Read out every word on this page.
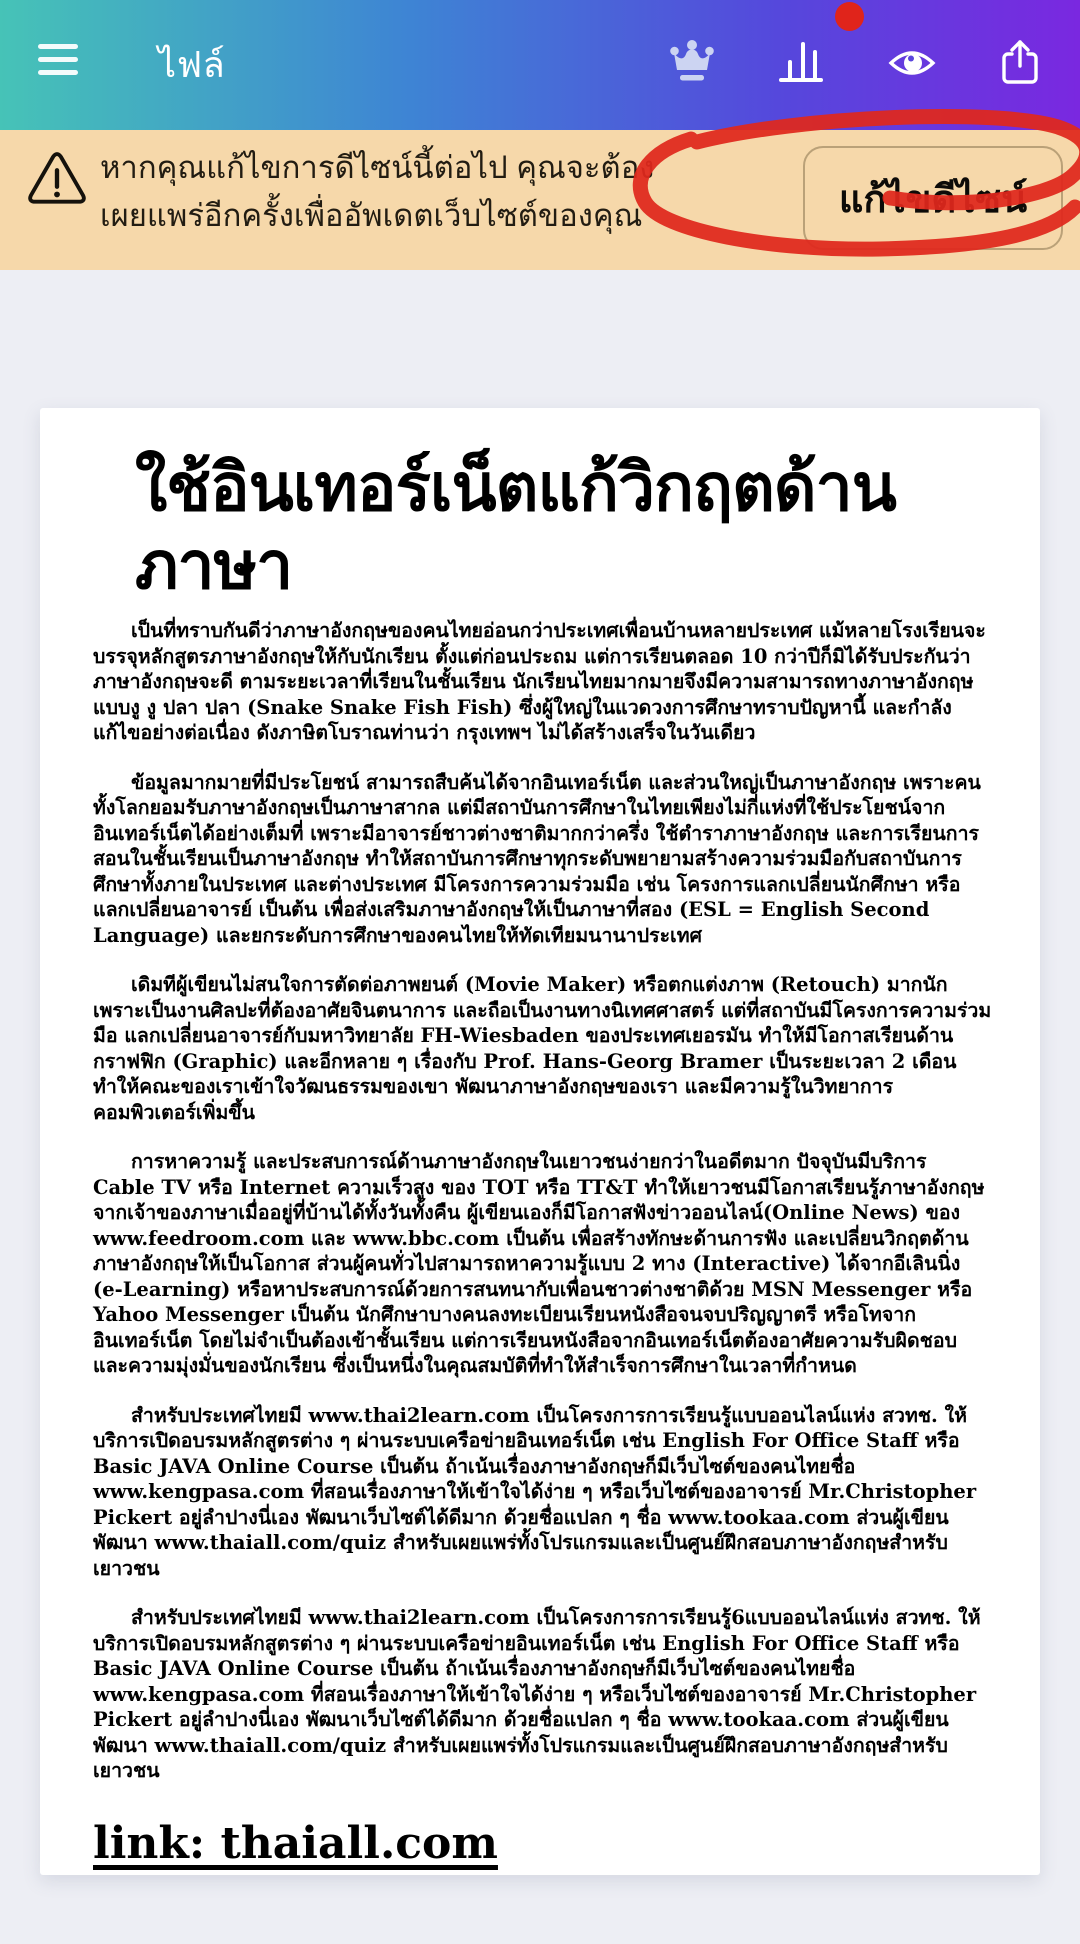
ไฟล์
หากคุณแก้ไขการดีไซน์นี้ต่อไป คุณจะต้องเผยแพร่อีกครั้งเพื่ออัพเดตเว็บไซต์ของคุณ	แก้ไขดีไซน์
ใช้อินเทอร์เน็ตแก้วิกฤตด้านภาษา

เป็นที่ทราบกันดีว่าภาษาอังกฤษของคนไทยอ่อนกว่าประเทศเพื่อนบ้านหลายประเทศ แม้หลายโรงเรียนจะบรรจุหลักสูตรภาษาอังกฤษให้กับนักเรียน ตั้งแต่ก่อนประถม แต่การเรียนตลอด 10 กว่าปีก็มิได้รับประกันว่าภาษาอังกฤษจะดี ตามระยะเวลาที่เรียนในชั้นเรียน นักเรียนไทยมากมายจึงมีความสามารถทางภาษาอังกฤษแบบงู งู ปลา ปลา (Snake Snake Fish Fish) ซึ่งผู้ใหญ่ในแวดวงการศึกษาทราบปัญหานี้ และกำลังแก้ไขอย่างต่อเนื่อง ดังภาษิตโบราณท่านว่า กรุงเทพฯ ไม่ได้สร้างเสร็จในวันเดียว

ข้อมูลมากมายที่มีประโยชน์ สามารถสืบค้นได้จากอินเทอร์เน็ต และส่วนใหญ่เป็นภาษาอังกฤษ เพราะคนทั้งโลกยอมรับภาษาอังกฤษเป็นภาษาสากล แต่มีสถาบันการศึกษาในไทยเพียงไม่กี่แห่งที่ใช้ประโยชน์จากอินเทอร์เน็ตได้อย่างเต็มที่ เพราะมีอาจารย์ชาวต่างชาติมากกว่าครึ่ง ใช้ตำราภาษาอังกฤษ และการเรียนการสอนในชั้นเรียนเป็นภาษาอังกฤษ ทำให้สถาบันการศึกษาทุกระดับพยายามสร้างความร่วมมือกับสถาบันการศึกษาทั้งภายในประเทศ และต่างประเทศ มีโครงการความร่วมมือ เช่น โครงการแลกเปลี่ยนนักศึกษา หรือแลกเปลี่ยนอาจารย์ เป็นต้น เพื่อส่งเสริมภาษาอังกฤษให้เป็นภาษาที่สอง (ESL = English Second Language) และยกระดับการศึกษาของคนไทยให้ทัดเทียมนานาประเทศ

เดิมทีผู้เขียนไม่สนใจการตัดต่อภาพยนต์ (Movie Maker) หรือตกแต่งภาพ (Retouch) มากนัก เพราะเป็นงานศิลปะที่ต้องอาศัยจินตนาการ และถือเป็นงานทางนิเทศศาสตร์ แต่ที่สถาบันมีโครงการความร่วมมือ แลกเปลี่ยนอาจารย์กับมหาวิทยาลัย FH-Wiesbaden ของประเทศเยอรมัน ทำให้มีโอกาสเรียนด้านกราฟฟิก (Graphic) และอีกหลาย ๆ เรื่องกับ Prof. Hans-Georg Bramer เป็นระยะเวลา 2 เดือน ทำให้คณะของเราเข้าใจวัฒนธรรมของเขา พัฒนาภาษาอังกฤษของเรา และมีความรู้ในวิทยาการคอมพิวเตอร์เพิ่มขึ้น

การหาความรู้ และประสบการณ์ด้านภาษาอังกฤษในเยาวชนง่ายกว่าในอดีตมาก ปัจจุบันมีบริการ Cable TV หรือ Internet ความเร็วสูง ของ TOT หรือ TT&T ทำให้เยาวชนมีโอกาสเรียนรู้ภาษาอังกฤษจากเจ้าของภาษาเมื่ออยู่ที่บ้านได้ทั้งวันทั้งคืน ผู้เขียนเองก็มีโอกาสฟังข่าวออนไลน์(Online News) ของ www.feedroom.com และ www.bbc.com เป็นต้น เพื่อสร้างทักษะด้านการฟัง และเปลี่ยนวิกฤตด้านภาษาอังกฤษให้เป็นโอกาส ส่วนผู้คนทั่วไปสามารถหาความรู้แบบ 2 ทาง (Interactive) ได้จากอีเลินนิ่ง (e-Learning) หรือหาประสบการณ์ด้วยการสนทนากับเพื่อนชาวต่างชาติด้วย MSN Messenger หรือ Yahoo Messenger เป็นต้น นักศึกษาบางคนลงทะเบียนเรียนหนังสือจนจบปริญญาตรี หรือโทจากอินเทอร์เน็ต โดยไม่จำเป็นต้องเข้าชั้นเรียน แต่การเรียนหนังสือจากอินเทอร์เน็ตต้องอาศัยความรับผิดชอบ และความมุ่งมั่นของนักเรียน ซึ่งเป็นหนึ่งในคุณสมบัติที่ทำให้สำเร็จการศึกษาในเวลาที่กำหนด

สำหรับประเทศไทยมี www.thai2learn.com เป็นโครงการการเรียนรู้แบบออนไลน์แห่ง สวทช. ให้บริการเปิดอบรมหลักสูตรต่าง ๆ ผ่านระบบเครือข่ายอินเทอร์เน็ต เช่น English For Office Staff หรือ Basic JAVA Online Course เป็นต้น ถ้าเน้นเรื่องภาษาอังกฤษก็มีเว็บไซต์ของคนไทยชื่อ www.kengpasa.com ที่สอนเรื่องภาษาให้เข้าใจได้ง่าย ๆ หรือเว็บไซต์ของอาจารย์ Mr.Christopher Pickert อยู่ลำปางนี่เอง พัฒนาเว็บไซต์ได้ดีมาก ด้วยชื่อแปลก ๆ ชื่อ www.tookaa.com ส่วนผู้เขียนพัฒนา www.thaiall.com/quiz สำหรับเผยแพร่ทั้งโปรแกรมและเป็นศูนย์ฝึกสอบภาษาอังกฤษสำหรับเยาวชน

สำหรับประเทศไทยมี www.thai2learn.com เป็นโครงการการเรียนรู้6แบบออนไลน์แห่ง สวทช. ให้บริการเปิดอบรมหลักสูตรต่าง ๆ ผ่านระบบเครือข่ายอินเทอร์เน็ต เช่น English For Office Staff หรือ Basic JAVA Online Course เป็นต้น ถ้าเน้นเรื่องภาษาอังกฤษก็มีเว็บไซต์ของคนไทยชื่อ www.kengpasa.com ที่สอนเรื่องภาษาให้เข้าใจได้ง่าย ๆ หรือเว็บไซต์ของอาจารย์ Mr.Christopher Pickert อยู่ลำปางนี่เอง พัฒนาเว็บไซต์ได้ดีมาก ด้วยชื่อแปลก ๆ ชื่อ www.tookaa.com ส่วนผู้เขียนพัฒนา www.thaiall.com/quiz สำหรับเผยแพร่ทั้งโปรแกรมและเป็นศูนย์ฝึกสอบภาษาอังกฤษสำหรับเยาวชน

link: thaiall.com
